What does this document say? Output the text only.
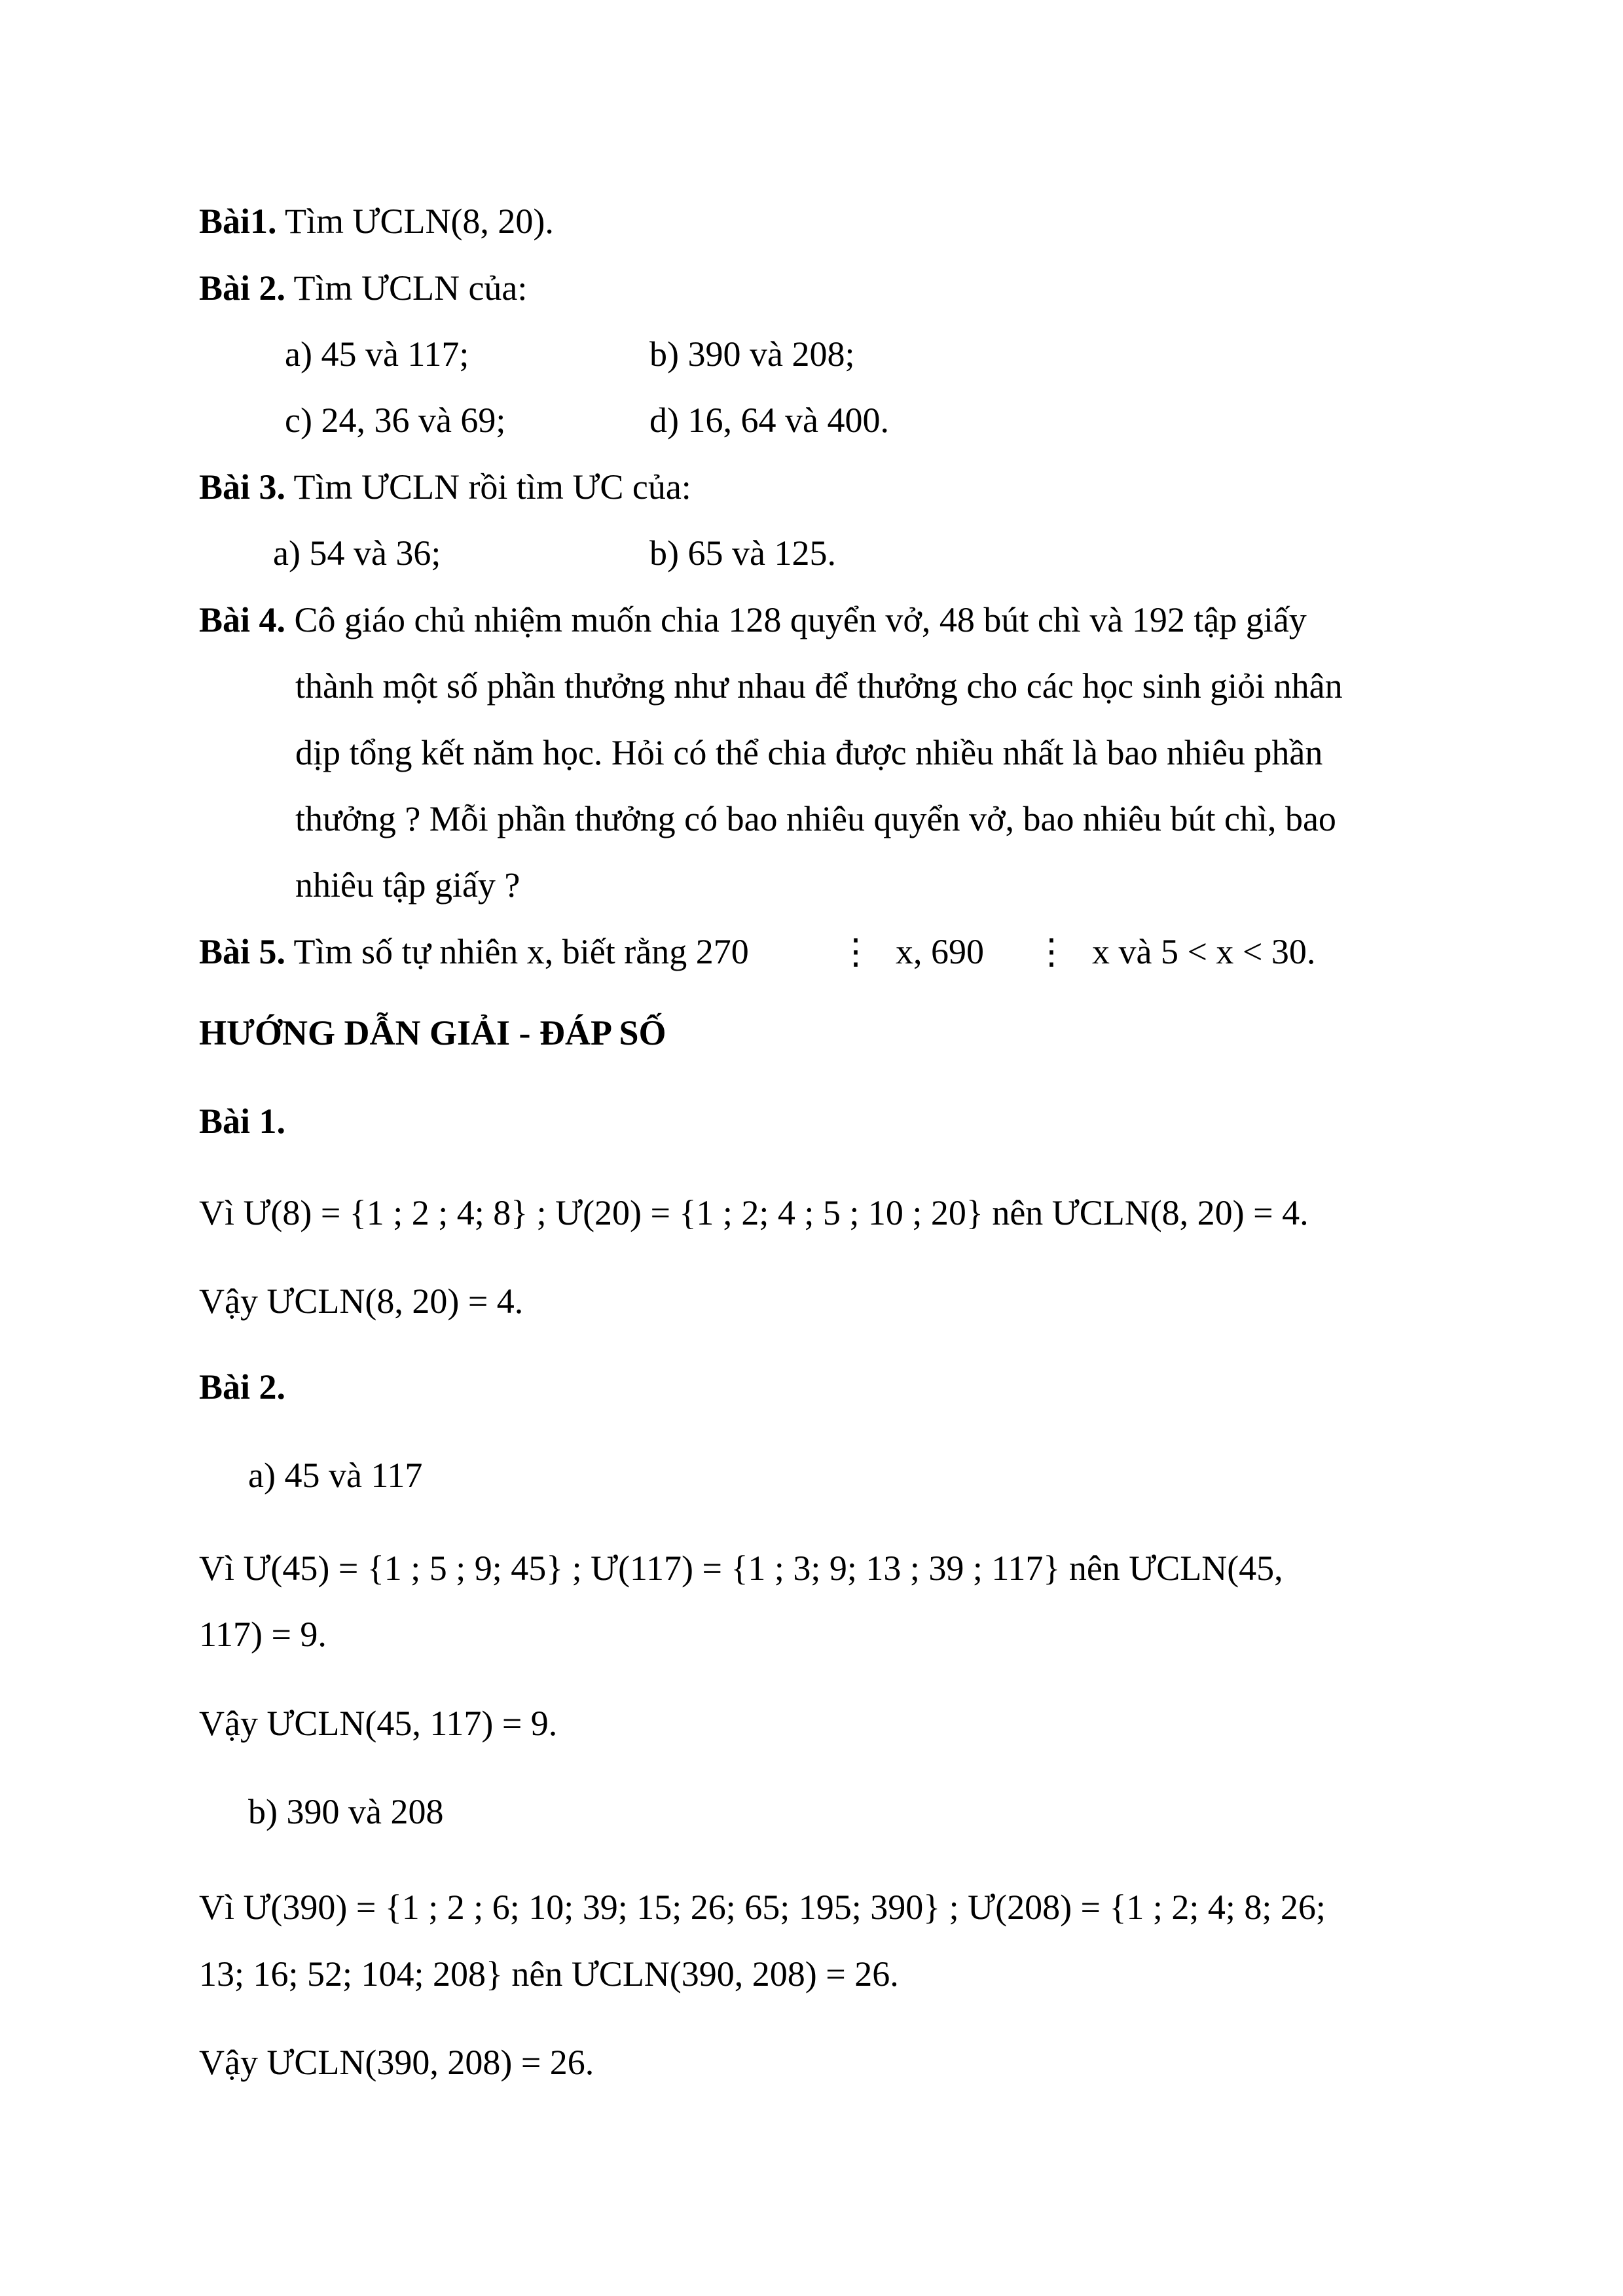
Bài1. Tìm ƯCLN(8, 20).
Bài 2. Tìm ƯCLN của:
a) 45 và 117;	b) 390 và 208;
c) 24, 36 và 69;	d) 16, 64 và 400.
Bài 3. Tìm ƯCLN rồi tìm ƯC của:
a) 54 và 36;	b) 65 và 125.
Bài 4. Cô giáo chủ nhiệm muốn chia 128 quyển vở, 48 bút chì và 192 tập giấy
thành một số phần thưởng như nhau để thưởng cho các học sinh giỏi nhân
dịp tổng kết năm học. Hỏi có thể chia được nhiều nhất là bao nhiêu phần
thưởng ? Mỗi phần thưởng có bao nhiêu quyển vở, bao nhiêu bút chì, bao
nhiêu tập giấy ?
Bài 5. Tìm số tự nhiên x, biết rằng 270	⋮ x, 690 ⋮ x và 5 < x < 30.
HƯỚNG DẪN GIẢI - ĐÁP SỐ
Bài 1.
Vì Ư(8) = {1 ; 2 ; 4; 8} ; Ư(20) = {1 ; 2; 4 ; 5 ; 10 ; 20} nên ƯCLN(8, 20) = 4.
Vậy ƯCLN(8, 20) = 4.
Bài 2.
a) 45 và 117
Vì Ư(45) = {1 ; 5 ; 9; 45} ; Ư(117) = {1 ; 3; 9; 13 ; 39 ; 117} nên ƯCLN(45,
117) = 9.
Vậy ƯCLN(45, 117) = 9.
b) 390 và 208
Vì Ư(390) = {1 ; 2 ; 6; 10; 39; 15; 26; 65; 195; 390} ; Ư(208) = {1 ; 2; 4; 8; 26;
13; 16; 52; 104; 208} nên ƯCLN(390, 208) = 26.
Vậy ƯCLN(390, 208) = 26.
